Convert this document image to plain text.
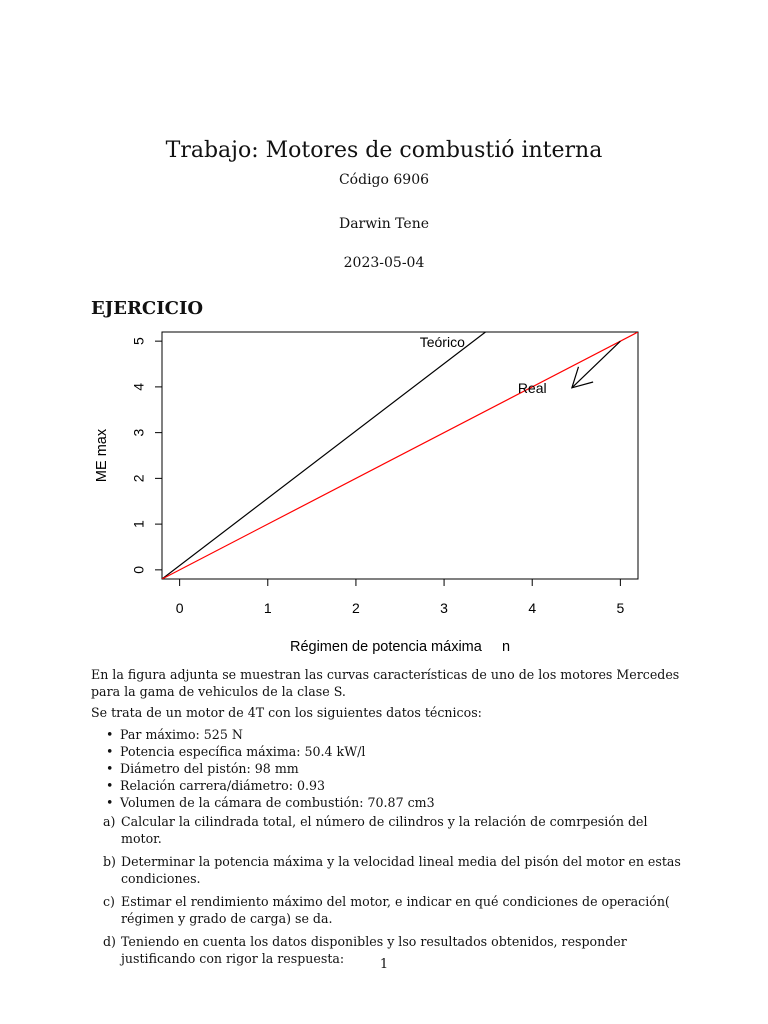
Trabajo: Motores de combustió interna
Código 6906
Darwin Tene
2023-05-04
EJERCICIO
0	1	2	3	4	5
0
1
2
3
4
5
Régimen de potencia máxima     n
ME max
Teórico
Real
En la figura adjunta se muestran las curvas características de uno de los motores Mercedes para la gama de vehiculos de la clase S.
Se trata de un motor de 4T con los siguientes datos técnicos:
• Par máximo: 525 N
• Potencia específica máxima: 50.4 kW/l
• Diámetro del pistón: 98 mm
• Relación carrera/diámetro: 0.93
• Volumen de la cámara de combustión: 70.87 cm3
a) Calcular la cilindrada total, el número de cilindros y la relación de comrpesión del motor.
b) Determinar la potencia máxima y la velocidad lineal media del pisón del motor en estas condiciones.
c) Estimar el rendimiento máximo del motor, e indicar en qué condiciones de operación( régimen y grado de carga) se da.
d) Teniendo en cuenta los datos disponibles y lso resultados obtenidos, responder justificando con rigor la respuesta:	1
